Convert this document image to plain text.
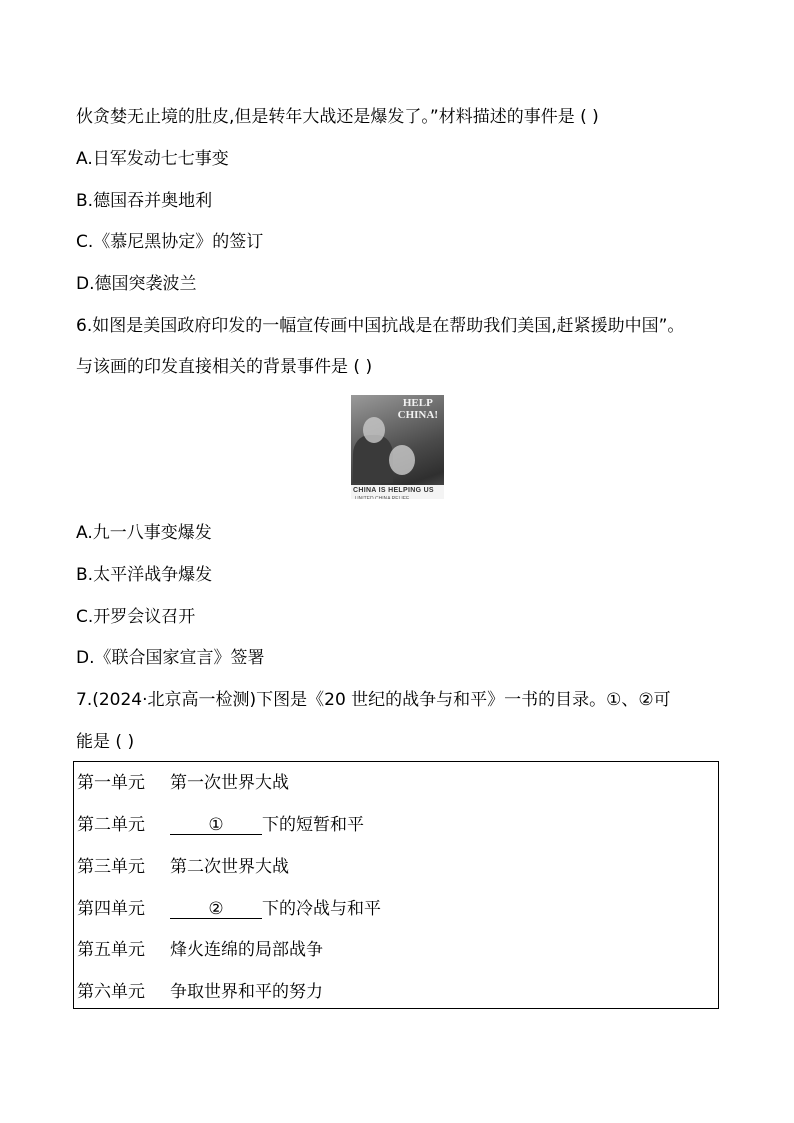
伙贪婪无止境的肚皮,但是转年大战还是爆发了。”材料描述的事件是 ( )
A.日军发动七七事变
B.德国吞并奥地利
C.《慕尼黑协定》的签订
D.德国突袭波兰
6.如图是美国政府印发的一幅宣传画中国抗战是在帮助我们美国,赶紧援助中国”。
与该画的印发直接相关的背景事件是 ( )
HELP
CHINA!
CHINA IS HELPING US
UNITED CHINA RELIEF
A.九一八事变爆发
B.太平洋战争爆发
C.开罗会议召开
D.《联合国家宣言》签署
7.(2024·北京高一检测)下图是《20 世纪的战争与和平》一书的目录。①、②可
能是 ( )
第一单元 第一次世界大战
第二单元	① 下的短暂和平
第三单元 第二次世界大战
第四单元	② 下的冷战与和平
第五单元 烽火连绵的局部战争
第六单元 争取世界和平的努力
